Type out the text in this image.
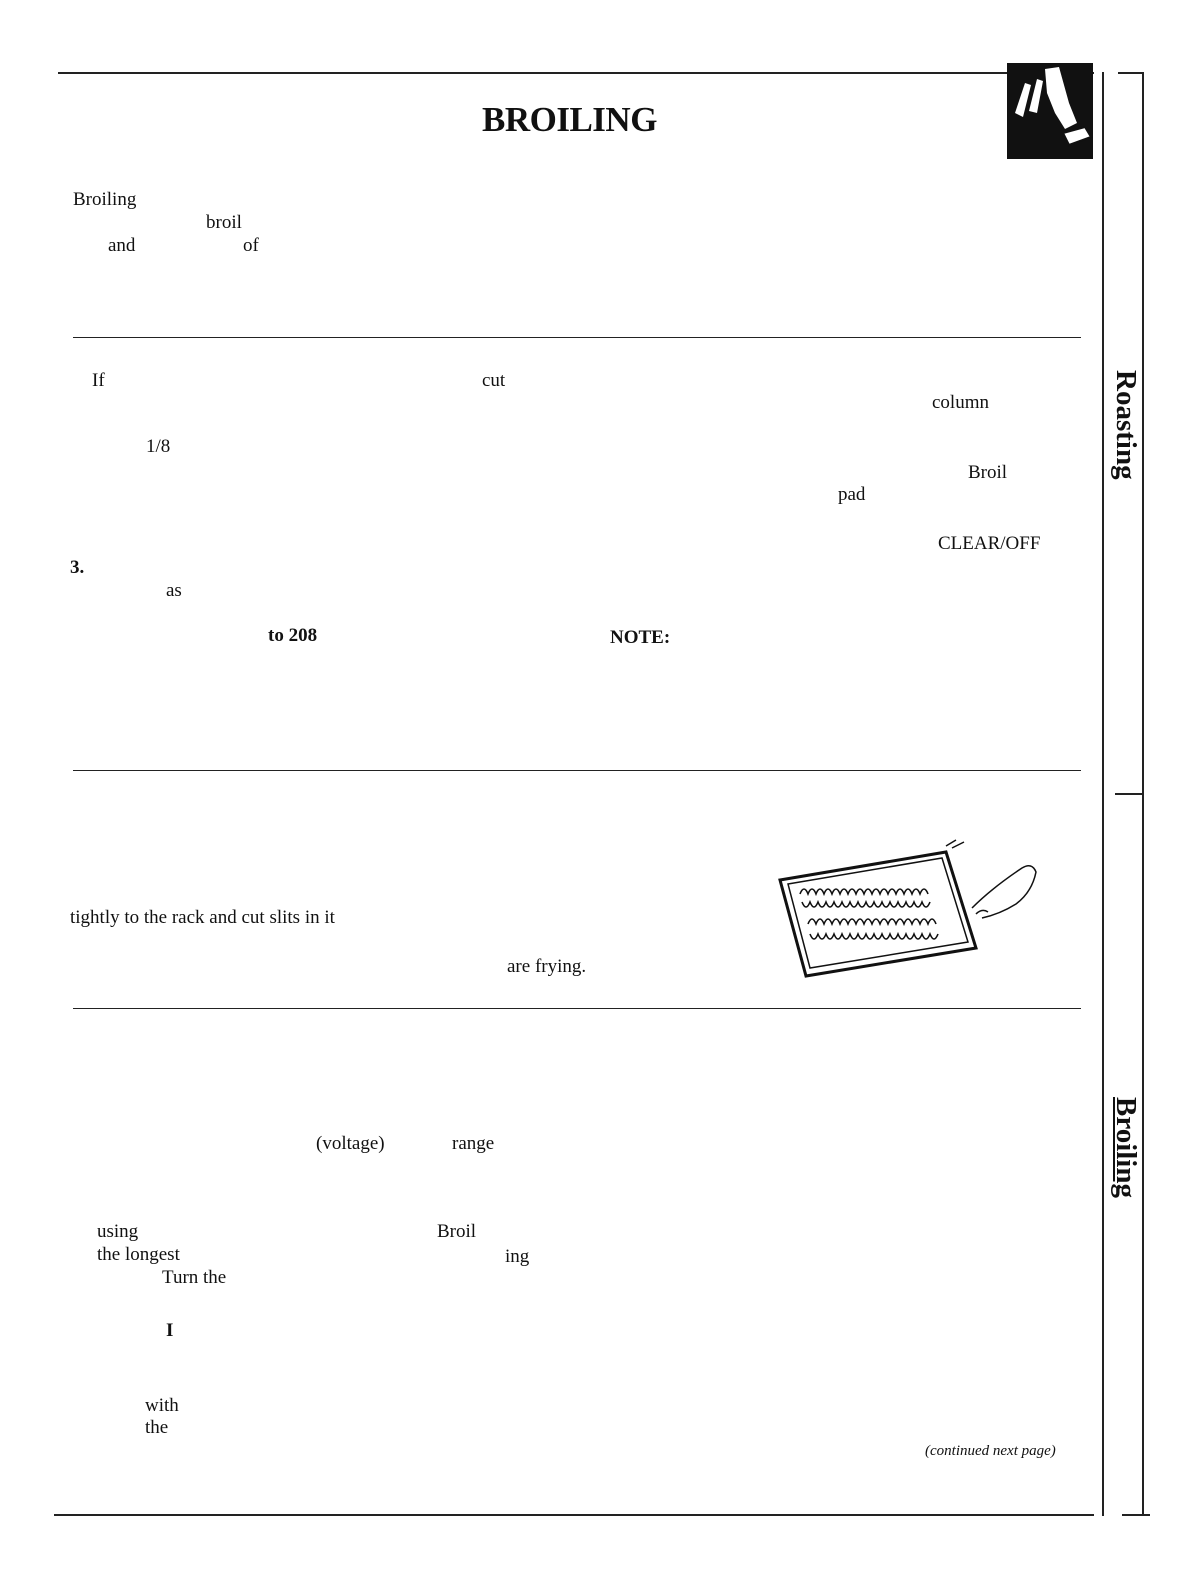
BROILING
Roasting
Broiling
Broiling
broil
and	of
If	cut
column
1/8
Broil
pad
CLEAR/OFF
3.
as
to 208	NOTE:
tightly to the rack and cut slits in it
are frying.
(voltage)	range
using	Broil
the longest	ing
Turn the
I
with
the
(continued next page)
